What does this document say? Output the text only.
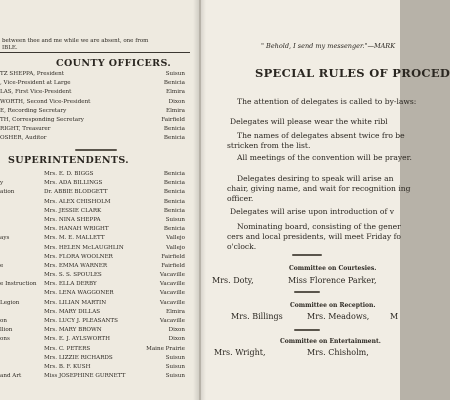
between thee and me while we are absent, one from
IBLE.
COUNTY OFFICERS.
TZ SHEPPA, President	Suisun
, Vice-President at Large	Benicia
LAS, First Vice-President	Elmira
WORTH, Second Vice-President	Dixon
E, Recording Secretary	Elmira
TH, Corresponding Secretary	Fairfield
RIGHT, Treasurer	Benicia
OSHER, Auditor	Benicia
SUPERINTENDENTS.
Mrs. E. D. BIGGS	Benicia
y	Mrs. ADA BILLINGS	Benicia
ation	Dr. ABBIE BLODGETT	Benicia
Mrs. ALEX CHISHOLM	Benicia
Mrs. JESSIE CLARK	Benicia
Mrs. NINA SHEPPA	Suisun
Mrs. HANAH WRIGHT	Benicia
ays	Mrs. M. E. MALLETT	Vallejo
Mrs. HELEN McLAUGHLIN	Vallejo
Mrs. FLORA WOOLNER	Fairfield
e	Mrs. EMMA WARNER	Fairfield
Mrs. S. S. SPOULES	Vacaville
e Instruction Mrs. ELLA DERBY	Vacaville
Mrs. LENA WAGGONER	Vacaville
Legion	Mrs. LILIAN MARTIN	Vacaville
Mrs. MARY DILLAS	Elmira
on	Mrs. LUCY J. PLEASANTS	Vacaville
llion	Mrs. MARY BROWN	Dixon
ons	Mrs. E. J. AYLSWORTH	Dixon
Mrs. C. PETERS	Maine Prairie
Mrs. LIZZIE RICHARDS	Suisun
Mrs. B. F. KUSH	Suisun
and Art	Miss JOSEPHINE GURNETT	Suisun
" Behold, I send my messenger."—MARK
SPECIAL RULES OF PROCED

The attention of delegates is called to by-laws:

Delegates will please wear the white ribl

The names of delegates absent twice fro be stricken from the list.

All meetings of the convention will be prayer.

Delegates desiring to speak will arise an chair, giving name, and wait for recognition ing officer.

Delegates will arise upon introduction of v

Nominating board, consisting of the gener cers and local presidents, will meet Friday fo o'clock.

Committee on Courtesies.
Mrs. Doty,	Miss Florence Parker,
Committee on Reception.
Mrs. Billings	Mrs. Meadows,	M
Committee on Entertainment.
Mrs. Wright,	Mrs. Chisholm,
